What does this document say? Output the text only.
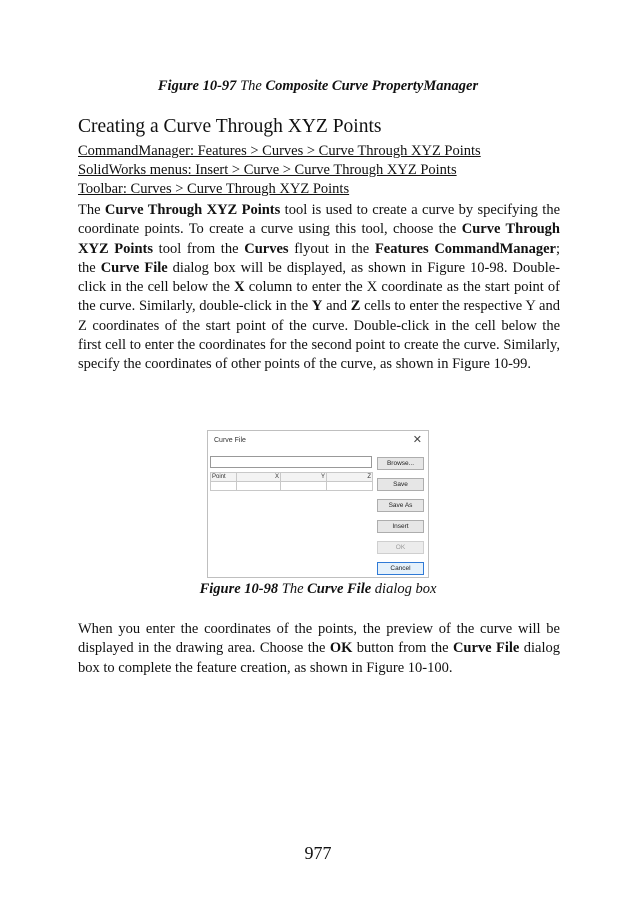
Figure 10-97 The Composite Curve PropertyManager
Creating a Curve Through XYZ Points
CommandManager: Features > Curves > Curve Through XYZ Points
SolidWorks menus: Insert > Curve > Curve Through XYZ Points
Toolbar: Curves > Curve Through XYZ Points

The Curve Through XYZ Points tool is used to create a curve by specifying the coordinate points. To create a curve using this tool, choose the Curve Through XYZ Points tool from the Curves flyout in the Features CommandManager; the Curve File dialog box will be displayed, as shown in Figure 10-98. Double-click in the cell below the X column to enter the X coordinate as the start point of the curve. Similarly, double-click in the Y and Z cells to enter the respective Y and Z coordinates of the start point of the curve. Double-click in the cell below the first cell to enter the coordinates for the second point to create the curve. Similarly, specify the coordinates of other points of the curve, as shown in Figure 10-99.

Curve File	✕
Point	X	Y	Z

Browse...
Save
Save As
Insert
OK
Cancel
Figure 10-98 The Curve File dialog box

When you enter the coordinates of the points, the preview of the curve will be displayed in the drawing area. Choose the OK button from the Curve File dialog box to complete the feature creation, as shown in Figure 10-100.

977
